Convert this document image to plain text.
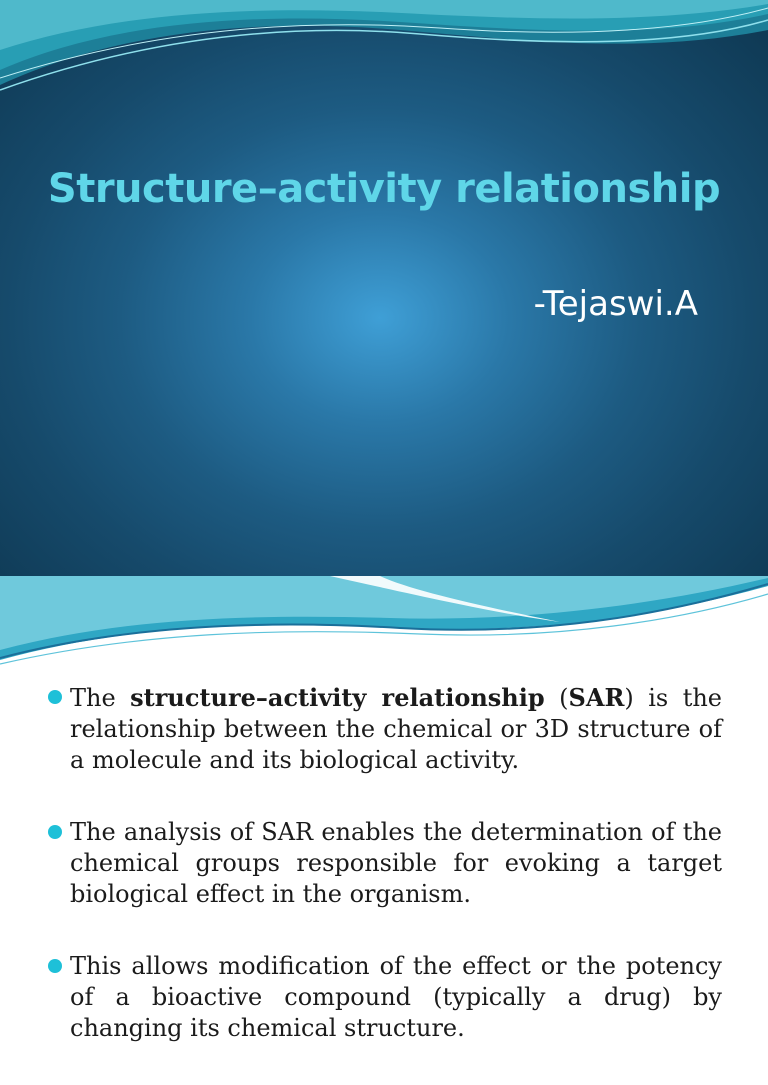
Structure–activity relationship
-Tejaswi.A
The structure–activity relationship (SAR) is the relationship between the chemical or 3D structure of a molecule and its biological activity.
The analysis of SAR enables the determination of the chemical groups responsible for evoking a target biological effect in the organism.
This allows modification of the effect or the potency of a bioactive compound (typically a drug) by changing its chemical structure.
